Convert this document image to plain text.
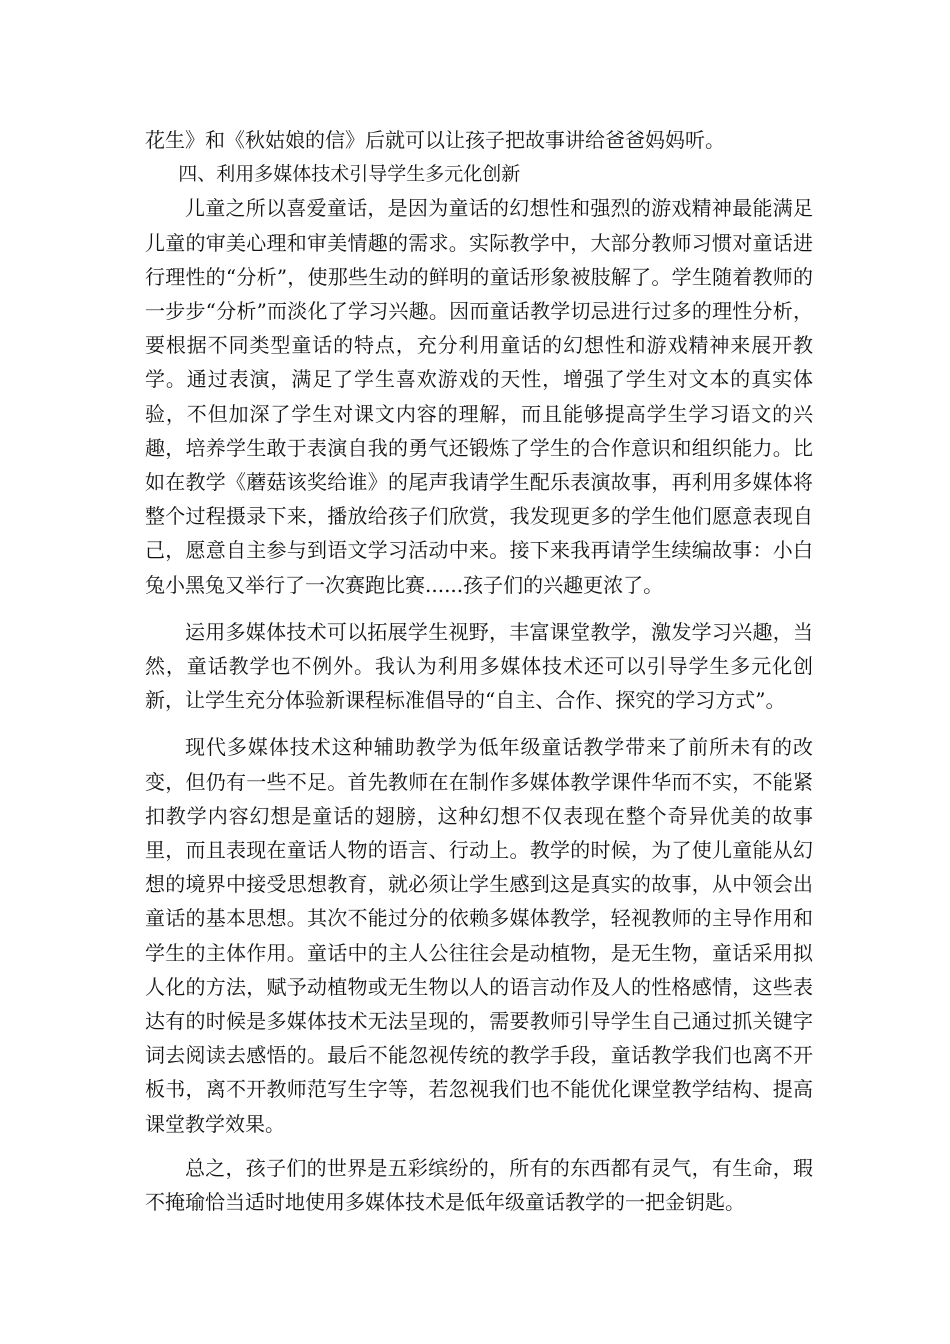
花生》和《秋姑娘的信》后就可以让孩子把故事讲给爸爸妈妈听。

四、利用多媒体技术引导学生多元化创新

儿童之所以喜爱童话，是因为童话的幻想性和强烈的游戏精神最能满足儿童的审美心理和审美情趣的需求。实际教学中，大部分教师习惯对童话进行理性的“分析”，使那些生动的鲜明的童话形象被肢解了。学生随着教师的一步步“分析”而淡化了学习兴趣。因而童话教学切忌进行过多的理性分析，要根据不同类型童话的特点，充分利用童话的幻想性和游戏精神来展开教学。通过表演，满足了学生喜欢游戏的天性，增强了学生对文本的真实体验，不但加深了学生对课文内容的理解，而且能够提高学生学习语文的兴趣，培养学生敢于表演自我的勇气还锻炼了学生的合作意识和组织能力。比如在教学《蘑菇该奖给谁》的尾声我请学生配乐表演故事，再利用多媒体将整个过程摄录下来，播放给孩子们欣赏，我发现更多的学生他们愿意表现自己，愿意自主参与到语文学习活动中来。接下来我再请学生续编故事：小白兔小黑兔又举行了一次赛跑比赛......孩子们的兴趣更浓了。

运用多媒体技术可以拓展学生视野，丰富课堂教学，激发学习兴趣，当然，童话教学也不例外。我认为利用多媒体技术还可以引导学生多元化创新，让学生充分体验新课程标准倡导的“自主、合作、探究的学习方式”。

现代多媒体技术这种辅助教学为低年级童话教学带来了前所未有的改变，但仍有一些不足。首先教师在在制作多媒体教学课件华而不实，不能紧扣教学内容幻想是童话的翅膀，这种幻想不仅表现在整个奇异优美的故事里，而且表现在童话人物的语言、行动上。教学的时候，为了使儿童能从幻想的境界中接受思想教育，就必须让学生感到这是真实的故事，从中领会出童话的基本思想。其次不能过分的依赖多媒体教学，轻视教师的主导作用和学生的主体作用。童话中的主人公往往会是动植物，是无生物，童话采用拟人化的方法，赋予动植物或无生物以人的语言动作及人的性格感情，这些表达有的时候是多媒体技术无法呈现的，需要教师引导学生自己通过抓关键字词去阅读去感悟的。最后不能忽视传统的教学手段，童话教学我们也离不开板书，离不开教师范写生字等，若忽视我们也不能优化课堂教学结构、提高课堂教学效果。

总之，孩子们的世界是五彩缤纷的，所有的东西都有灵气，有生命，瑕不掩瑜恰当适时地使用多媒体技术是低年级童话教学的一把金钥匙。
